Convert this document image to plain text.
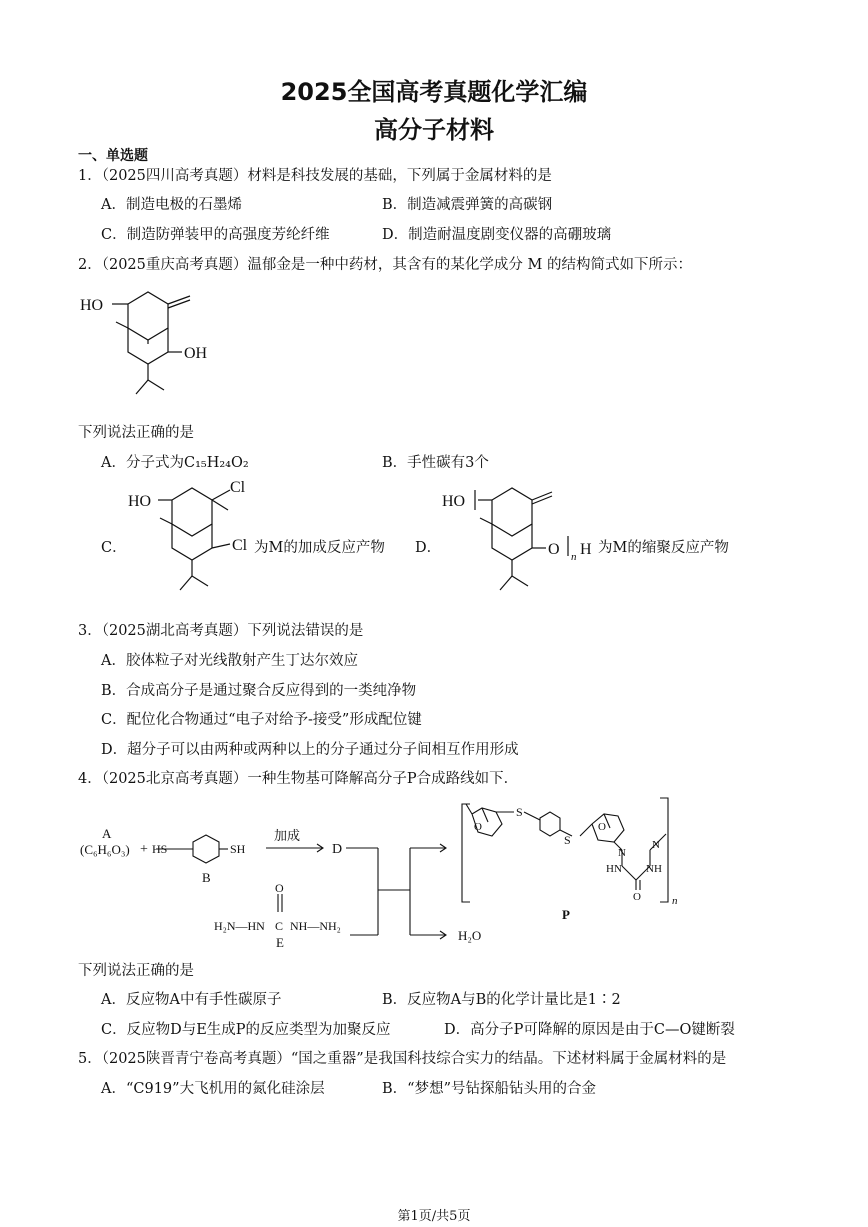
2025全国高考真题化学汇编
高分子材料
一、单选题
1．（2025四川高考真题）材料是科技发展的基础，下列属于金属材料的是
A．制造电极的石墨烯	B．制造减震弹簧的高碳钢
C．制造防弹装甲的高强度芳纶纤维	D．制造耐温度剧变仪器的高硼玻璃
2．（2025重庆高考真题）温郁金是一种中药材，其含有的某化学成分 M 的结构简式如下所示：
HO
OH
下列说法正确的是
A．分子式为C₁₅H₂₄O₂	B．手性碳有3个
C．
HO
Cl
Cl 为M的加成反应产物 D．
HO
O n H 为M的缩聚反应产物
3．（2025湖北高考真题）下列说法错误的是
A．胶体粒子对光线散射产生丁达尔效应
B．合成高分子是通过聚合反应得到的一类纯净物
C．配位化合物通过“电子对给予-接受”形成配位键
D．超分子可以由两种或两种以上的分子通过分子间相互作用形成
4．（2025北京高考真题）一种生物基可降解高分子P合成路线如下．
A
(C₆H₆O₃) + HS	SH
B
加成
D
O
H₂N—HN C NH—NH₂
E
O
S
S
O
N
N
HN NH
O	n
P
H₂O
下列说法正确的是
A．反应物A中有手性碳原子	B．反应物A与B的化学计量比是1∶2
C．反应物D与E生成P的反应类型为加聚反应	D．高分子P可降解的原因是由于C—O键断裂
5．（2025陕晋青宁卷高考真题）“国之重器”是我国科技综合实力的结晶。下述材料属于金属材料的是
A．“C919”大飞机用的氮化硅涂层	B．“梦想”号钻探船钻头用的合金
第1页/共5页
